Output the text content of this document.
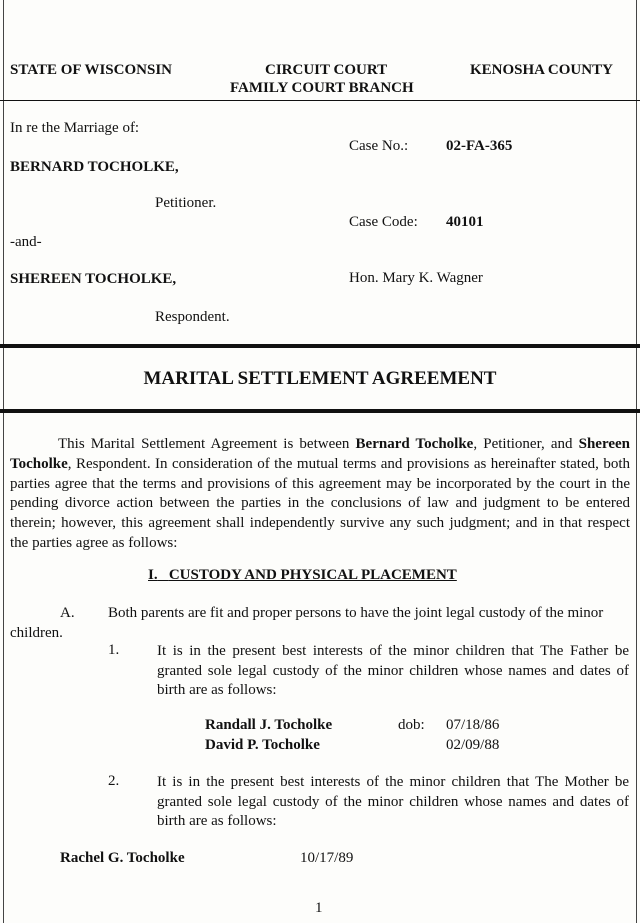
STATE OF WISCONSIN	CIRCUIT COURT
FAMILY COURT BRANCH
KENOSHA COUNTY
In re the Marriage of:
BERNARD TOCHOLKE,
Petitioner.
-and-
SHEREEN TOCHOLKE,
Respondent.
Case No.:	02-FA-365
Case Code: 40101
Hon. Mary K. Wagner
MARITAL SETTLEMENT AGREEMENT
This Marital Settlement Agreement is between Bernard Tocholke, Petitioner, and Shereen Tocholke, Respondent. In consideration of the mutual terms and provisions as hereinafter stated, both parties agree that the terms and provisions of this agreement may be incorporated by the court in the pending divorce action between the parties in the conclusions of law and judgment to be entered therein; however, this agreement shall independently survive any such judgment; and in that respect the parties agree as follows:
I. CUSTODY AND PHYSICAL PLACEMENT
A. Both parents are fit and proper persons to have the joint legal custody of the minor
children.
1.	It is in the present best interests of the minor children that The Father be granted sole legal custody of the minor children whose names and dates of birth are as follows:
Randall J. Tocholke	dob: 07/18/86
David P. Tocholke	02/09/88
2.	It is in the present best interests of the minor children that The Mother be granted sole legal custody of the minor children whose names and dates of birth are as follows:
Rachel G. Tocholke	10/17/89
1
